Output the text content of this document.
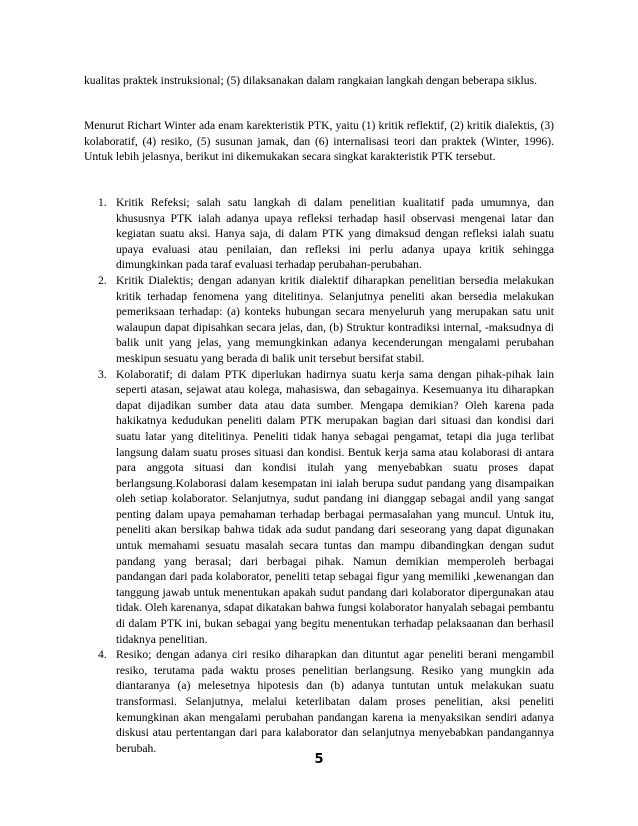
kualitas praktek instruksional; (5) dilaksanakan dalam rangkaian langkah dengan beberapa siklus.

Menurut Richart Winter ada enam karekteristik PTK, yaitu (1) kritik reflektif, (2) kritik dialektis, (3) kolaboratif, (4) resiko, (5) susunan jamak, dan (6) internalisasi teori dan praktek (Winter, 1996). Untuk lebih jelasnya, berikut ini dikemukakan secara singkat karakteristik PTK tersebut.

1. Kritik Refeksi; salah satu langkah di dalam penelitian kualitatif pada umumnya, dan khususnya PTK ialah adanya upaya refleksi terhadap hasil observasi mengenai latar dan kegiatan suatu aksi. Hanya saja, di dalam PTK yang dimaksud dengan refleksi ialah suatu upaya evaluasi atau penilaian, dan refleksi ini perlu adanya upaya kritik sehingga dimungkinkan pada taraf evaluasi terhadap perubahan-perubahan.
2. Kritik Dialektis; dengan adanyan kritik dialektif diharapkan penelitian bersedia melakukan kritik terhadap fenomena yang ditelitinya. Selanjutnya peneliti akan bersedia melakukan pemeriksaan terhadap: (a) konteks hubungan secara menyeluruh yang merupakan satu unit walaupun dapat dipisahkan secara jelas, dan, (b) Struktur kontradiksi internal, -maksudnya di balik unit yang jelas, yang memungkinkan adanya kecenderungan mengalami perubahan meskipun sesuatu yang berada di balik unit tersebut bersifat stabil.
3. Kolaboratif; di dalam PTK diperlukan hadirnya suatu kerja sama dengan pihak-pihak lain seperti atasan, sejawat atau kolega, mahasiswa, dan sebagainya. Kesemuanya itu diharapkan dapat dijadikan sumber data atau data sumber. Mengapa demikian? Oleh karena pada hakikatnya kedudukan peneliti dalam PTK merupakan bagian dari situasi dan kondisi dari suatu latar yang ditelitinya. Peneliti tidak hanya sebagai pengamat, tetapi dia juga terlibat langsung dalam suatu proses situasi dan kondisi. Bentuk kerja sama atau kolaborasi di antara para anggota situasi dan kondisi itulah yang menyebabkan suatu proses dapat berlangsung.Kolaborasi dalam kesempatan ini ialah berupa sudut pandang yang disampaikan oleh setiap kolaborator. Selanjutnya, sudut pandang ini dianggap sebagai andil yang sangat penting dalam upaya pemahaman terhadap berbagai permasalahan yang muncul. Untuk itu, peneliti akan bersikap bahwa tidak ada sudut pandang dari seseorang yang dapat digunakan untuk memahami sesuatu masalah secara tuntas dan mampu dibandingkan dengan sudut pandang yang berasal; dari berbagai pihak. Namun demikian memperoleh berbagai pandangan dari pada kolaborator, peneliti tetap sebagai figur yang memiliki ,kewenangan dan tanggung jawab untuk menentukan apakah sudut pandang dari kolaborator dipergunakan atau tidak. Oleh karenanya, sdapat dikatakan bahwa fungsi kolaborator hanyalah sebagai pembantu di dalam PTK ini, bukan sebagai yang begitu menentukan terhadap pelaksaanan dan berhasil tidaknya penelitian.
4. Resiko; dengan adanya ciri resiko diharapkan dan dituntut agar peneliti berani mengambil resiko, terutama pada waktu proses penelitian berlangsung. Resiko yang mungkin ada diantaranya (a) melesetnya hipotesis dan (b) adanya tuntutan untuk melakukan suatu transformasi. Selanjutnya, melalui keterlibatan dalam proses penelitian, aksi peneliti kemungkinan akan mengalami perubahan pandangan karena ia menyaksikan sendiri adanya diskusi atau pertentangan dari para kalaborator dan selanjutnya menyebabkan pandangannya berubah.
5
